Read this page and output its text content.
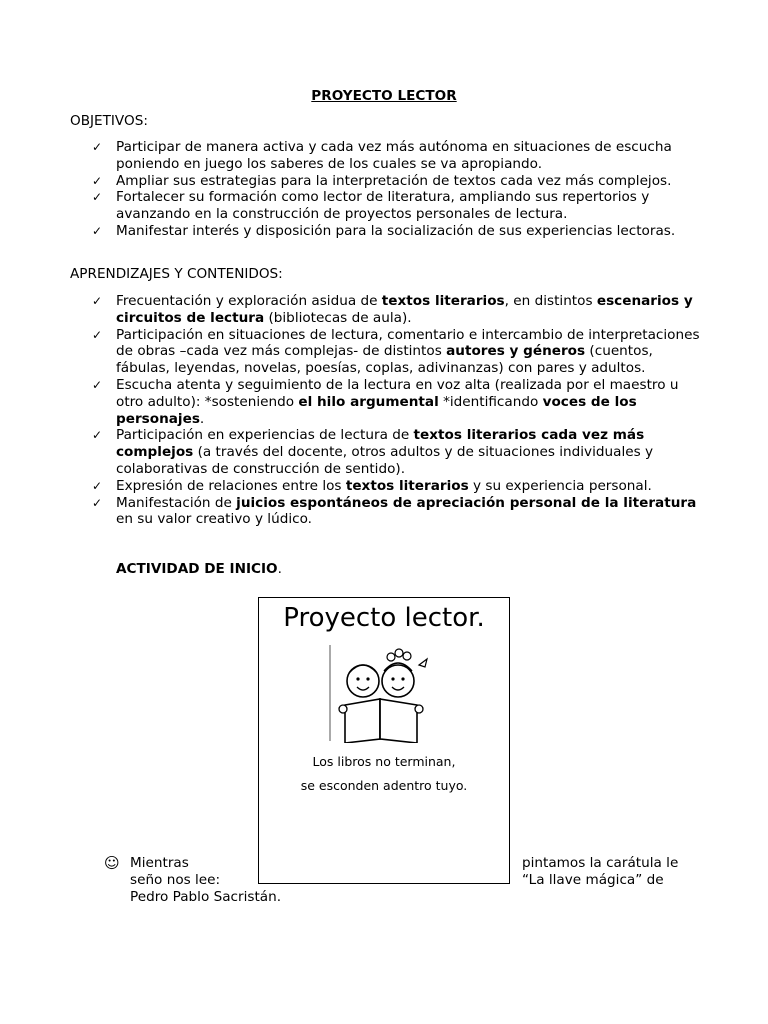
PROYECTO LECTOR
OBJETIVOS:
✓ Participar de manera activa y cada vez más autónoma en situaciones de escucha poniendo en juego los saberes de los cuales se va apropiando.
✓ Ampliar sus estrategias para la interpretación de textos cada vez más complejos.
✓ Fortalecer su formación como lector de literatura, ampliando sus repertorios y avanzando en la construcción de proyectos personales de lectura.
✓ Manifestar interés y disposición para la socialización de sus experiencias lectoras.
APRENDIZAJES Y CONTENIDOS:
✓ Frecuentación y exploración asidua de textos literarios, en distintos escenarios y circuitos de lectura (bibliotecas de aula).
✓ Participación en situaciones de lectura, comentario e intercambio de interpretaciones de obras –cada vez más complejas- de distintos autores y géneros (cuentos, fábulas, leyendas, novelas, poesías, coplas, adivinanzas) con pares y adultos.
✓ Escucha atenta y seguimiento de la lectura en voz alta (realizada por el maestro u otro adulto): *sosteniendo el hilo argumental *identificando voces de los personajes.
✓ Participación en experiencias de lectura de textos literarios cada vez más complejos (a través del docente, otros adultos y de situaciones individuales y colaborativas de construcción de sentido).
✓ Expresión de relaciones entre los textos literarios y su experiencia personal.
✓ Manifestación de juicios espontáneos de apreciación personal de la literatura en su valor creativo y lúdico.
ACTIVIDAD DE INICIO.
Proyecto lector.
Los libros no terminan,
se esconden adentro tuyo.
☺ Mientras
seño nos lee:
Pedro Pablo Sacristán.
pintamos la carátula le
“La llave mágica” de
